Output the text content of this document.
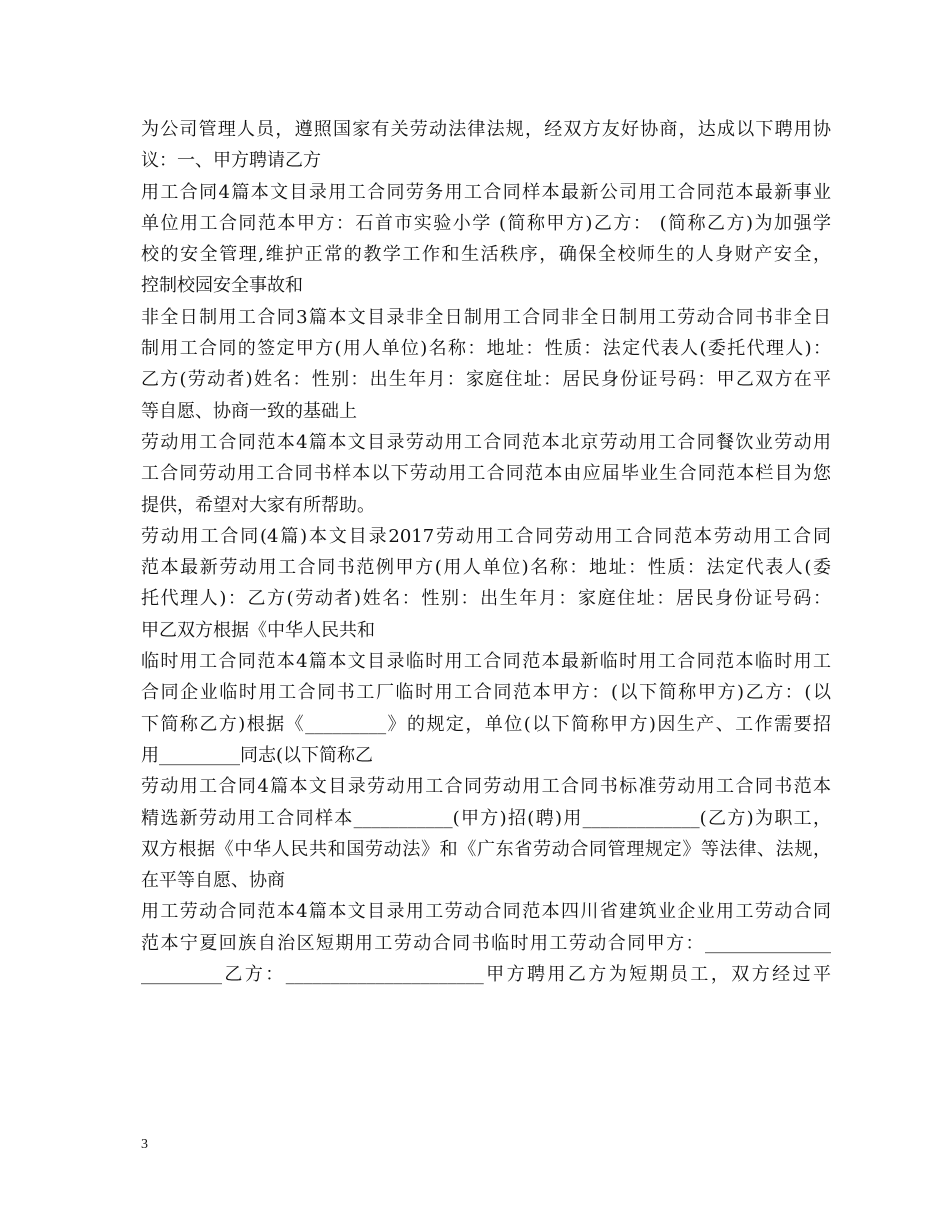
为公司管理人员，遵照国家有关劳动法律法规，经双方友好协商，达成以下聘用协
议：一、甲方聘请乙方
用工合同4篇本文目录用工合同劳务用工合同样本最新公司用工合同范本最新事业
单位用工合同范本甲方：石首市实验小学 (简称甲方)乙方： (简称乙方)为加强学
校的安全管理,维护正常的教学工作和生活秩序，确保全校师生的人身财产安全，
控制校园安全事故和
非全日制用工合同3篇本文目录非全日制用工合同非全日制用工劳动合同书非全日
制用工合同的签定甲方(用人单位)名称：地址：性质：法定代表人(委托代理人)：
乙方(劳动者)姓名：性别：出生年月：家庭住址：居民身份证号码：甲乙双方在平
等自愿、协商一致的基础上
劳动用工合同范本4篇本文目录劳动用工合同范本北京劳动用工合同餐饮业劳动用
工合同劳动用工合同书样本以下劳动用工合同范本由应届毕业生合同范本栏目为您
提供，希望对大家有所帮助。
劳动用工合同(4篇)本文目录2017劳动用工合同劳动用工合同范本劳动用工合同
范本最新劳动用工合同书范例甲方(用人单位)名称：地址：性质：法定代表人(委
托代理人)：乙方(劳动者)姓名：性别：出生年月：家庭住址：居民身份证号码：
甲乙双方根据《中华人民共和
临时用工合同范本4篇本文目录临时用工合同范本最新临时用工合同范本临时用工
合同企业临时用工合同书工厂临时用工合同范本甲方：(以下简称甲方)乙方：(以
下简称乙方)根据《_________》的规定，单位(以下简称甲方)因生产、工作需要招
用_________同志(以下简称乙
劳动用工合同4篇本文目录劳动用工合同劳动用工合同书标准劳动用工合同书范本
精选新劳动用工合同样本___________(甲方)招(聘)用_____________(乙方)为职工，
双方根据《中华人民共和国劳动法》和《广东省劳动合同管理规定》等法律、法规，
在平等自愿、协商
用工劳动合同范本4篇本文目录用工劳动合同范本四川省建筑业企业用工劳动合同
范本宁夏回族自治区短期用工劳动合同书临时用工劳动合同甲方：______________
_________乙方：______________________甲方聘用乙方为短期员工，双方经过平
3
